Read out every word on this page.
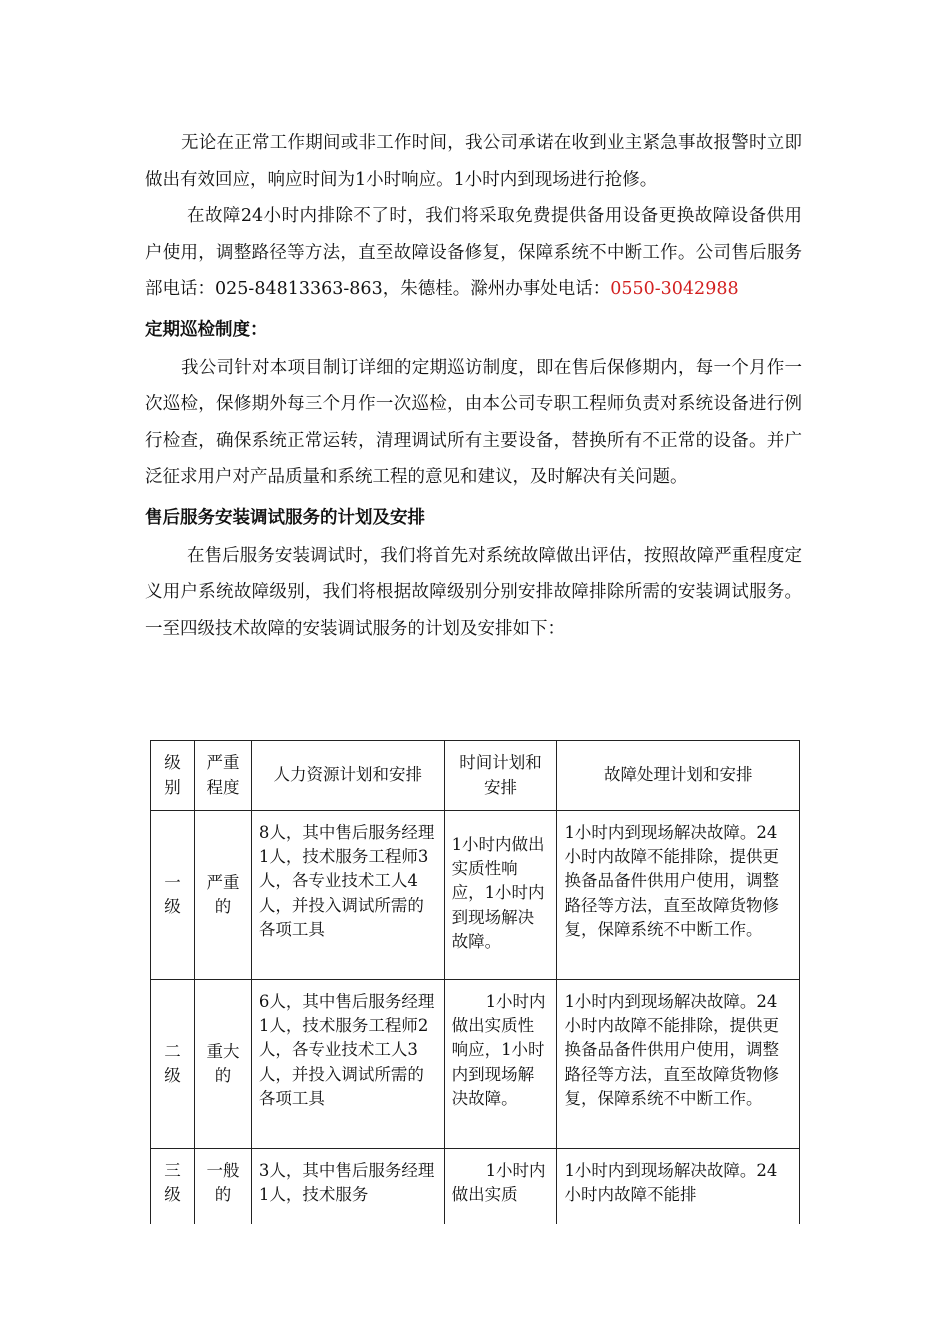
无论在正常工作期间或非工作时间，我公司承诺在收到业主紧急事故报警时立即做出有效回应，响应时间为1小时响应。1小时内到现场进行抢修。

在故障24小时内排除不了时，我们将采取免费提供备用设备更换故障设备供用户使用，调整路径等方法，直至故障设备修复，保障系统不中断工作。公司售后服务部电话：025-84813363-863，朱德桂。滁州办事处电话：0550-3042988

定期巡检制度：

我公司针对本项目制订详细的定期巡访制度，即在售后保修期内，每一个月作一次巡检，保修期外每三个月作一次巡检，由本公司专职工程师负责对系统设备进行例行检查，确保系统正常运转，清理调试所有主要设备，替换所有不正常的设备。并广泛征求用户对产品质量和系统工程的意见和建议，及时解决有关问题。

售后服务安装调试服务的计划及安排

在售后服务安装调试时，我们将首先对系统故障做出评估，按照故障严重程度定义用户系统故障级别，我们将根据故障级别分别安排故障排除所需的安装调试服务。一至四级技术故障的安装调试服务的计划及安排如下：

级别	严重程度	人力资源计划和安排	时间计划和安排	故障处理计划和安排
一级	严重的	8人，其中售后服务经理1人，技术服务工程师3人，各专业技术工人4人，并投入调试所需的各项工具	1小时内做出实质性响应，1小时内到现场解决故障。	1小时内到现场解决故障。24小时内故障不能排除，提供更换备品备件供用户使用，调整路径等方法，直至故障货物修复，保障系统不中断工作。
二级	重大的	6人，其中售后服务经理1人，技术服务工程师2人，各专业技术工人3人，并投入调试所需的各项工具	1小时内做出实质性响应，1小时内到现场解决故障。	1小时内到现场解决故障。24小时内故障不能排除，提供更换备品备件供用户使用，调整路径等方法，直至故障货物修复，保障系统不中断工作。
三级	一般的	3人，其中售后服务经理1人，技术服务	1小时内做出实质	1小时内到现场解决故障。24小时内故障不能排
